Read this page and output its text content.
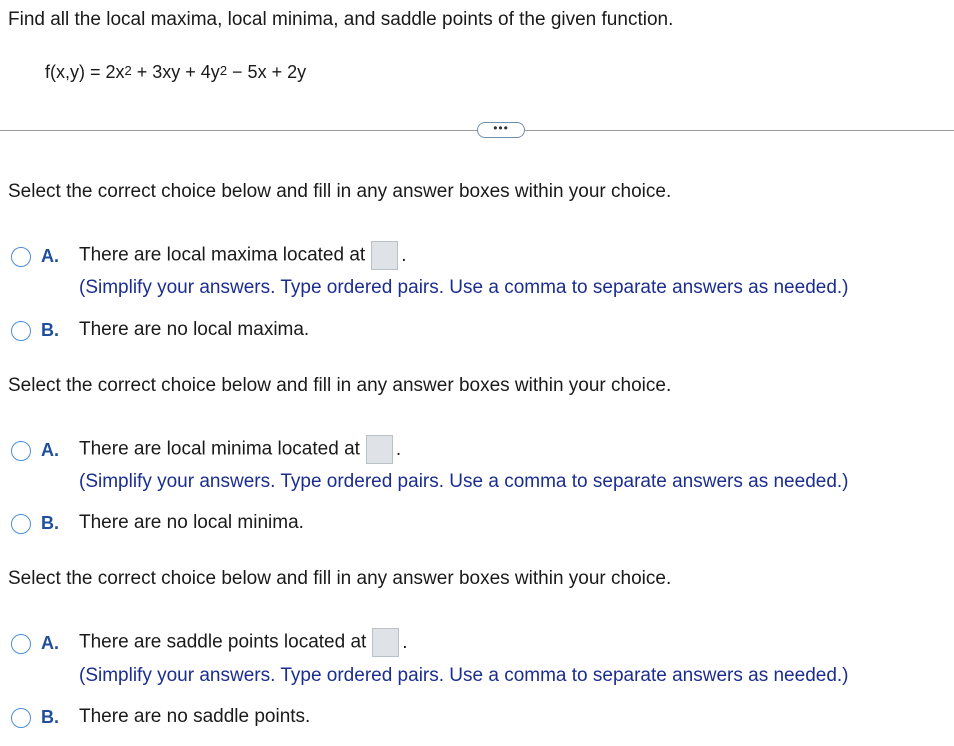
Find all the local maxima, local minima, and saddle points of the given function.
$f(x,y) = 2x^2 + 3xy + 4y^2 - 5x + 2y$
•••
Select the correct choice below and fill in any answer boxes within your choice.
A. There are local maxima located at .
(Simplify your answers. Type ordered pairs. Use a comma to separate answers as needed.)
B. There are no local maxima.
Select the correct choice below and fill in any answer boxes within your choice.
A. There are local minima located at .
(Simplify your answers. Type ordered pairs. Use a comma to separate answers as needed.)
B. There are no local minima.
Select the correct choice below and fill in any answer boxes within your choice.
A. There are saddle points located at .
(Simplify your answers. Type ordered pairs. Use a comma to separate answers as needed.)
B. There are no saddle points.
